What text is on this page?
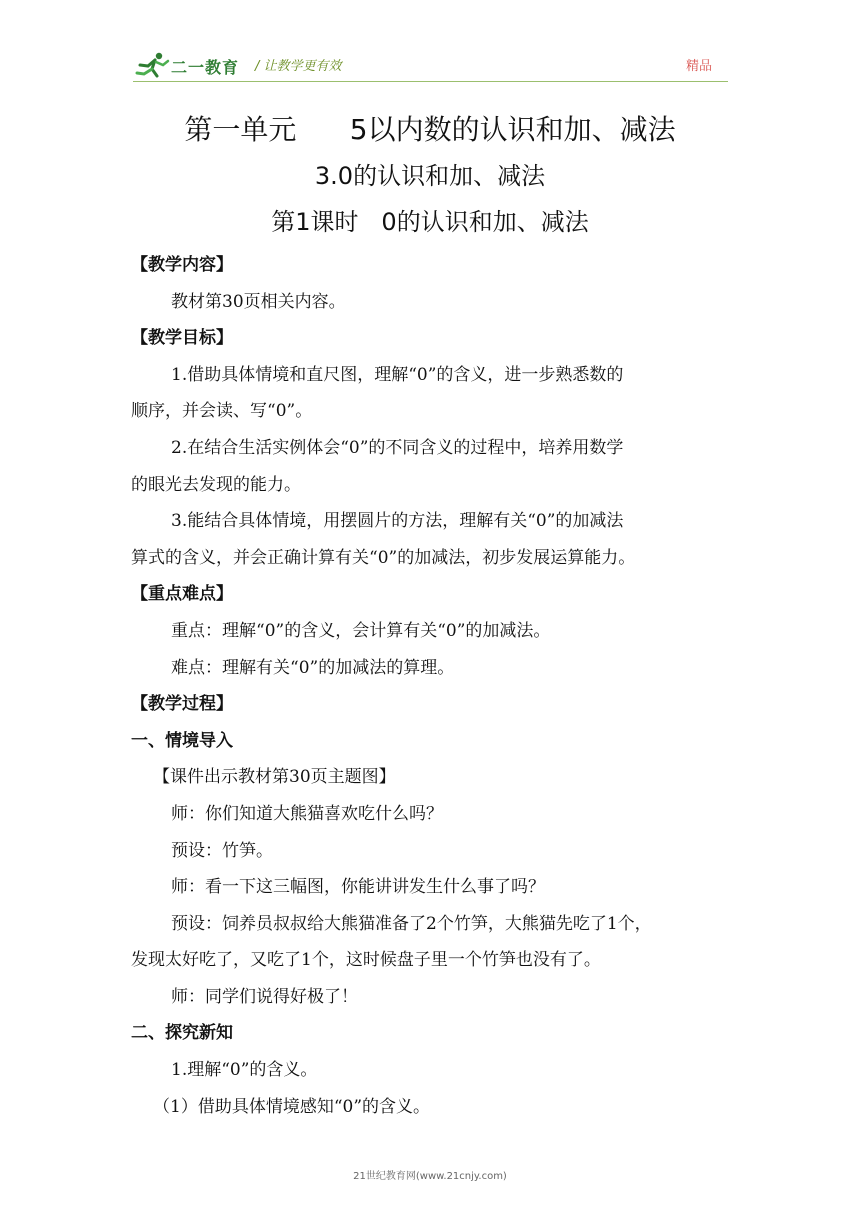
二一教育 / 让教学更有效	精品
第一单元      5以内数的认识和加、减法
3.0的认识和加、减法
第1课时   0的认识和加、减法
【教学内容】
教材第30页相关内容。
【教学目标】
1.借助具体情境和直尺图，理解“0”的含义，进一步熟悉数的
顺序，并会读、写“0”。
2.在结合生活实例体会“0”的不同含义的过程中，培养用数学
的眼光去发现的能力。
3.能结合具体情境，用摆圆片的方法，理解有关“0”的加减法
算式的含义，并会正确计算有关“0”的加减法，初步发展运算能力。
【重点难点】
重点：理解“0”的含义，会计算有关“0”的加减法。
难点：理解有关“0”的加减法的算理。
【教学过程】
一、情境导入
【课件出示教材第30页主题图】
师：你们知道大熊猫喜欢吃什么吗？
预设：竹笋。
师：看一下这三幅图，你能讲讲发生什么事了吗？
预设：饲养员叔叔给大熊猫准备了2个竹笋，大熊猫先吃了1个，
发现太好吃了，又吃了1个，这时候盘子里一个竹笋也没有了。
师：同学们说得好极了！
二、探究新知
1.理解“0”的含义。
（1）借助具体情境感知“0”的含义。
21世纪教育网(www.21cnjy.com)
